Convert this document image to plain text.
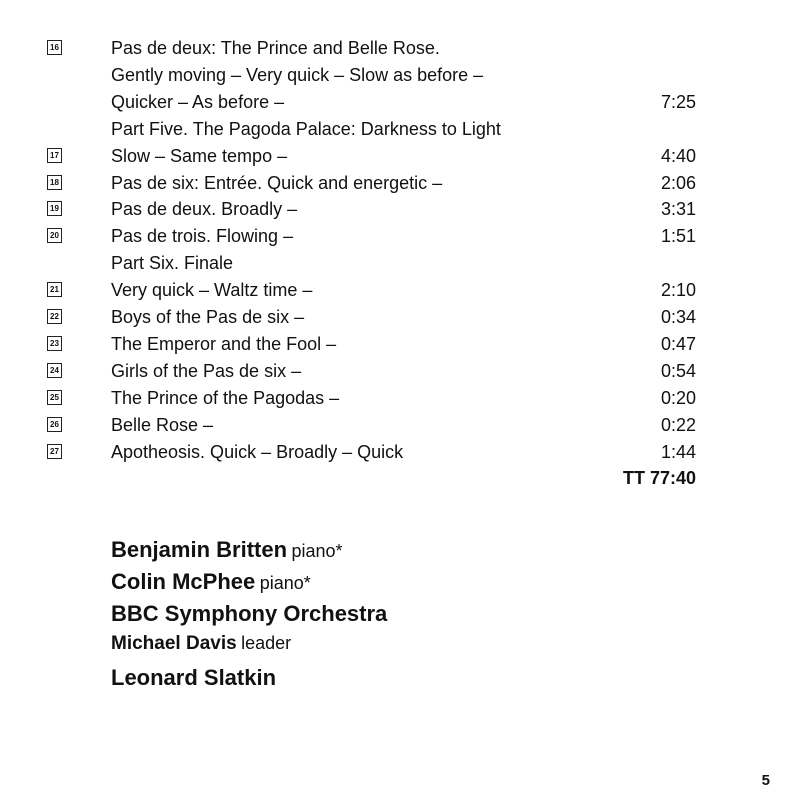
16	Pas de deux: The Prince and Belle Rose.
Gently moving – Very quick – Slow as before –
Quicker – As before –	7:25
Part Five. The Pagoda Palace: Darkness to Light
17	Slow – Same tempo –	4:40
18	Pas de six: Entrée. Quick and energetic –	2:06
19	Pas de deux. Broadly –	3:31
20	Pas de trois. Flowing –	1:51
Part Six. Finale
21	Very quick – Waltz time –	2:10
22	Boys of the Pas de six –	0:34
23	The Emperor and the Fool –	0:47
24	Girls of the Pas de six –	0:54
25	The Prince of the Pagodas –	0:20
26	Belle Rose –	0:22
27	Apotheosis. Quick – Broadly – Quick	1:44
TT 77:40
Benjamin Britten piano*
Colin McPhee piano*
BBC Symphony Orchestra
Michael Davis leader
Leonard Slatkin
5
